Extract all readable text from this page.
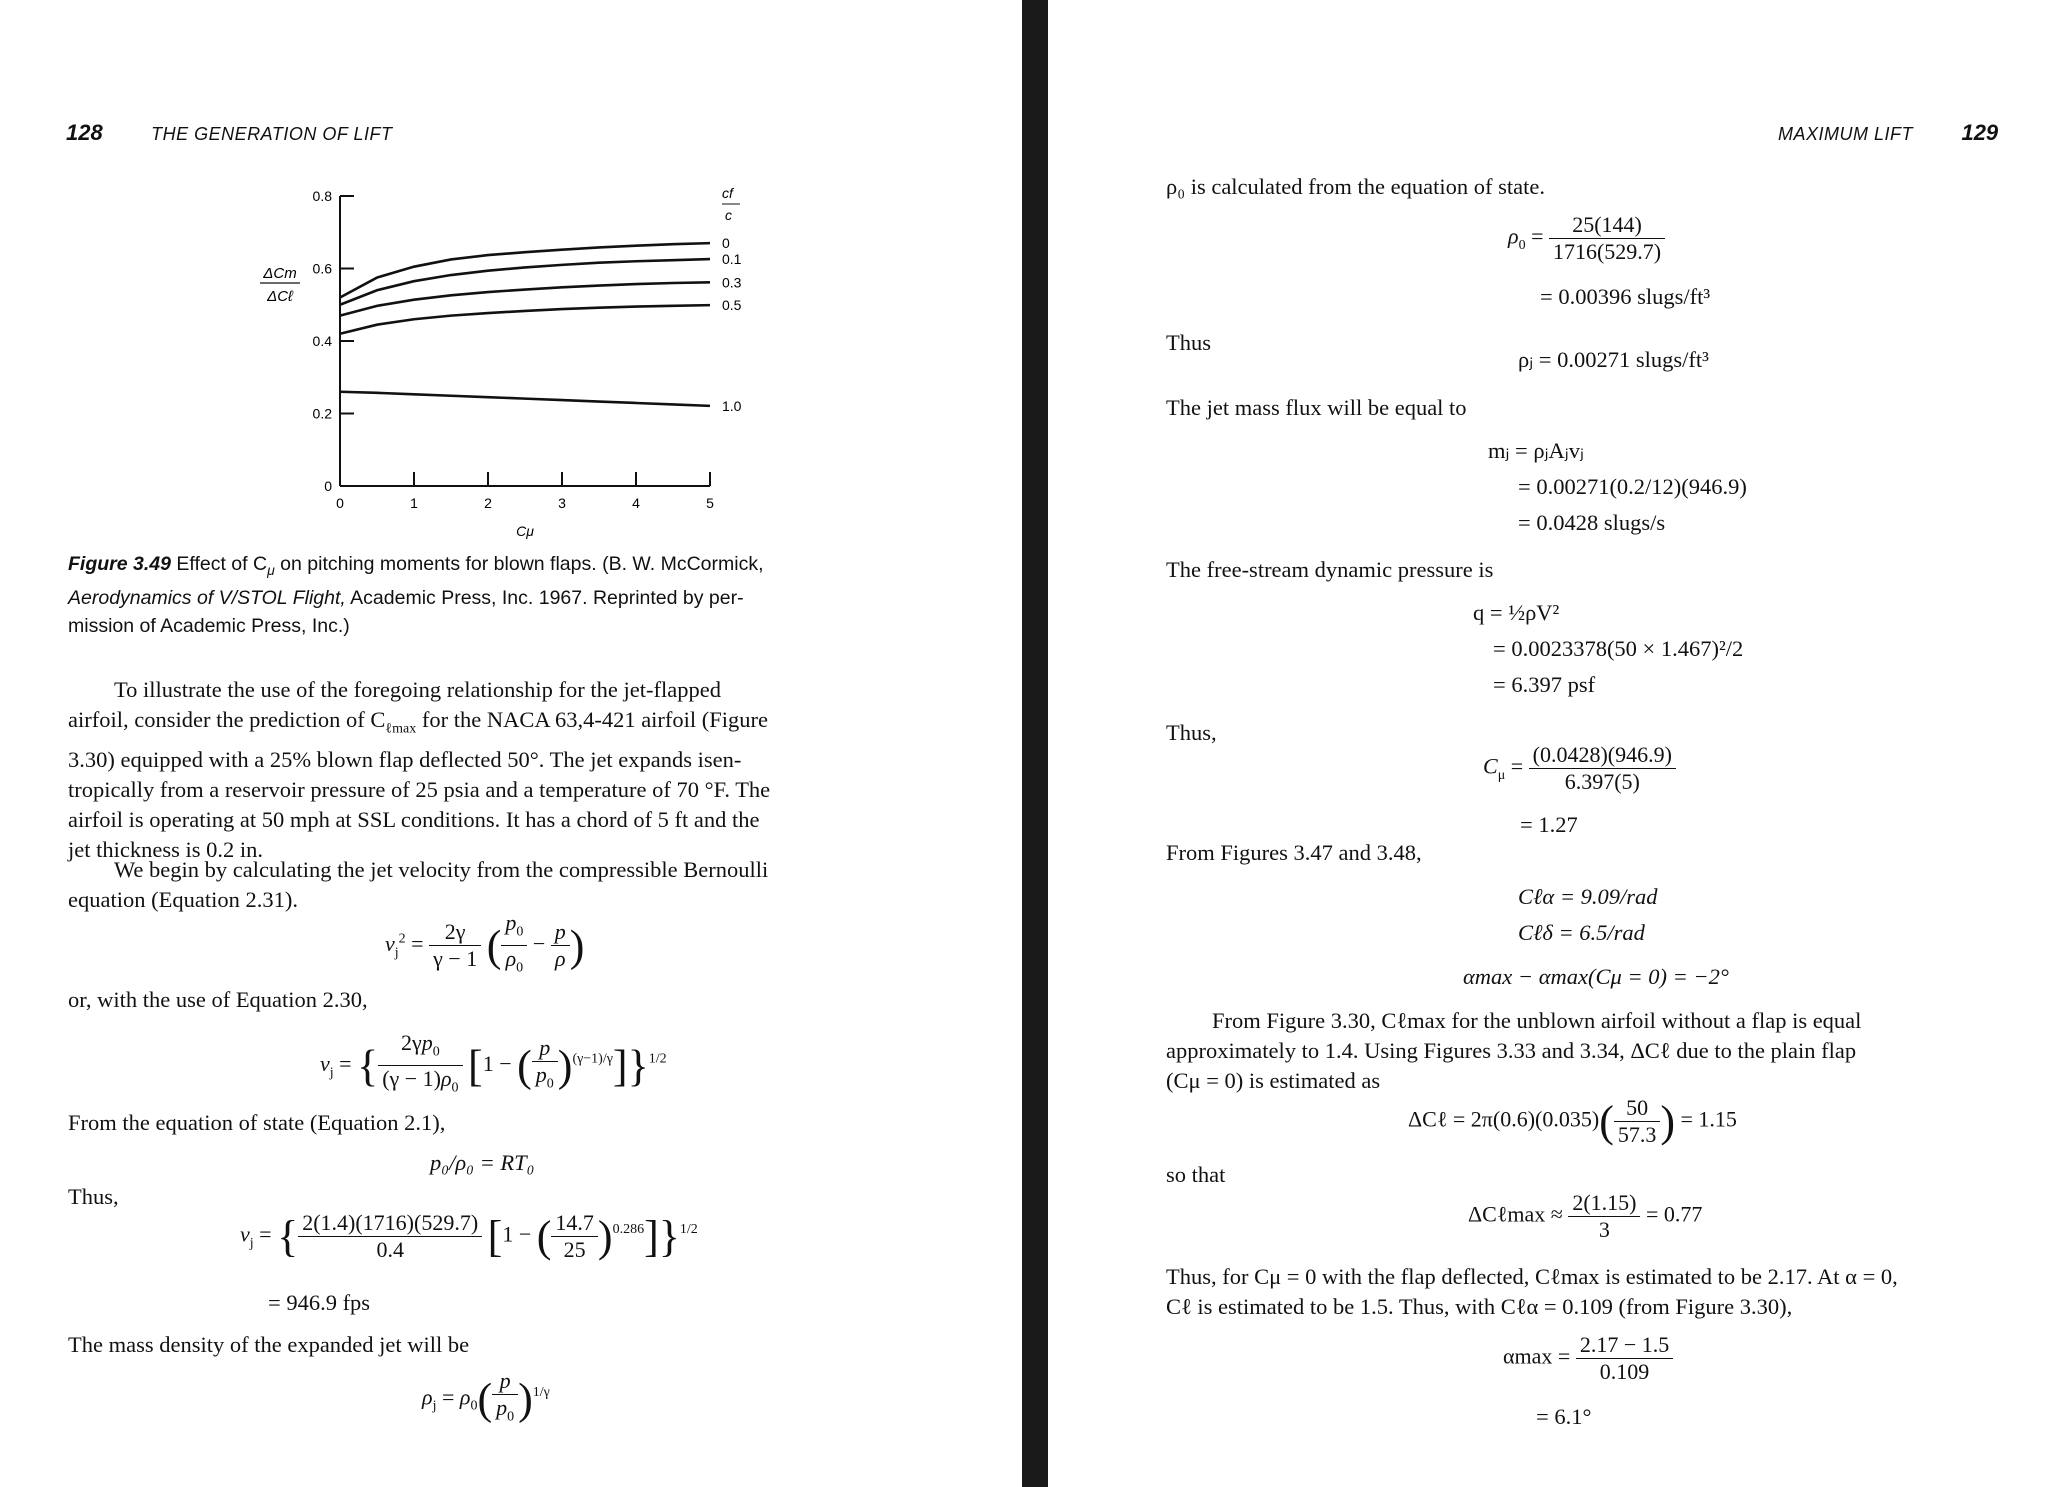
128	THE GENERATION OF LIFT
0
0.2
0.4
0.6
0.8
0	1	2	3	4	5
Cμ
ΔCm
ΔCℓ
cf
c
0
0.1
0.3
0.5
1.0
Figure 3.49 Effect of $C_\mu$ on pitching moments for blown flaps. (B. W. McCormick,
Aerodynamics of V/STOL Flight, Academic Press, Inc. 1967. Reprinted by per-
mission of Academic Press, Inc.)
To illustrate the use of the foregoing relationship for the jet-flapped
airfoil, consider the prediction of $C_{\ell max}$ for the NACA 63,4-421 airfoil (Figure
3.30) equipped with a 25% blown flap deflected 50°. The jet expands isen-
tropically from a reservoir pressure of 25 psia and a temperature of 70 °F. The
airfoil is operating at 50 mph at SSL conditions. It has a chord of 5 ft and the
jet thickness is 0.2 in.
We begin by calculating the jet velocity from the compressible Bernoulli
equation (Equation 2.31).
$v_j^2 = \frac{2\gamma}{\gamma - 1}$ ( $\frac{p_0}{\rho_0} - \frac{p}{\rho}$ )
or, with the use of Equation 2.30,
$v_j$ = { $\frac{2\gamma p_0}{(\gamma - 1)\rho_0} [1$ − ( $\frac{p}{p_0} )^{(\gamma-1)/\gamma}]\}^{1/2}$
From the equation of state (Equation 2.1),
p₀/ρ₀ = RT₀
Thus,
$v_j$ = { $\frac{2(1.4)(1716)(529.7)}{0.4} [1$ − ( $\frac{14.7}{25} )^{0.286}]\}^{1/2}$
= 946.9 fps
The mass density of the expanded jet will be
$\rho_j = \rho_0( \frac{p}{p_0} )^{1/\gamma}$
MAXIMUM LIFT 129
ρ₀ is calculated from the equation of state.
$\rho_0 = \frac{25(144)}{1716(529.7)}$
= 0.00396 slugs/ft³
Thus
ρⱼ = 0.00271 slugs/ft³
The jet mass flux will be equal to
mⱼ = ρⱼAⱼvⱼ
= 0.00271(0.2/12)(946.9)
= 0.0428 slugs/s
The free-stream dynamic pressure is
q = ½ρV²
= 0.0023378(50 × 1.467)²/2
= 6.397 psf
Thus,
$C_\mu = \frac{(0.0428)(946.9)}{6.397(5)}$
= 1.27
From Figures 3.47 and 3.48,
Cℓα = 9.09/rad
Cℓδ = 6.5/rad
αmax − αmax(Cμ = 0) = −2°
From Figure 3.30, Cℓmax for the unblown airfoil without a flap is equal
approximately to 1.4. Using Figures 3.33 and 3.34, ΔCℓ due to the plain flap
(Cμ = 0) is estimated as
ΔCℓ = $2\pi(0.6)(0.035)( \frac{50}{57.3}$ ) = 1.15
so that
ΔCℓmax ≈ $\frac{2(1.15)}{3} = 0.77$
Thus, for Cμ = 0 with the flap deflected, Cℓmax is estimated to be 2.17. At α = 0,
Cℓ is estimated to be 1.5. Thus, with Cℓα = 0.109 (from Figure 3.30),
$\alpha\max = \frac{2.17 - 1.5}{0.109}$
= 6.1°
